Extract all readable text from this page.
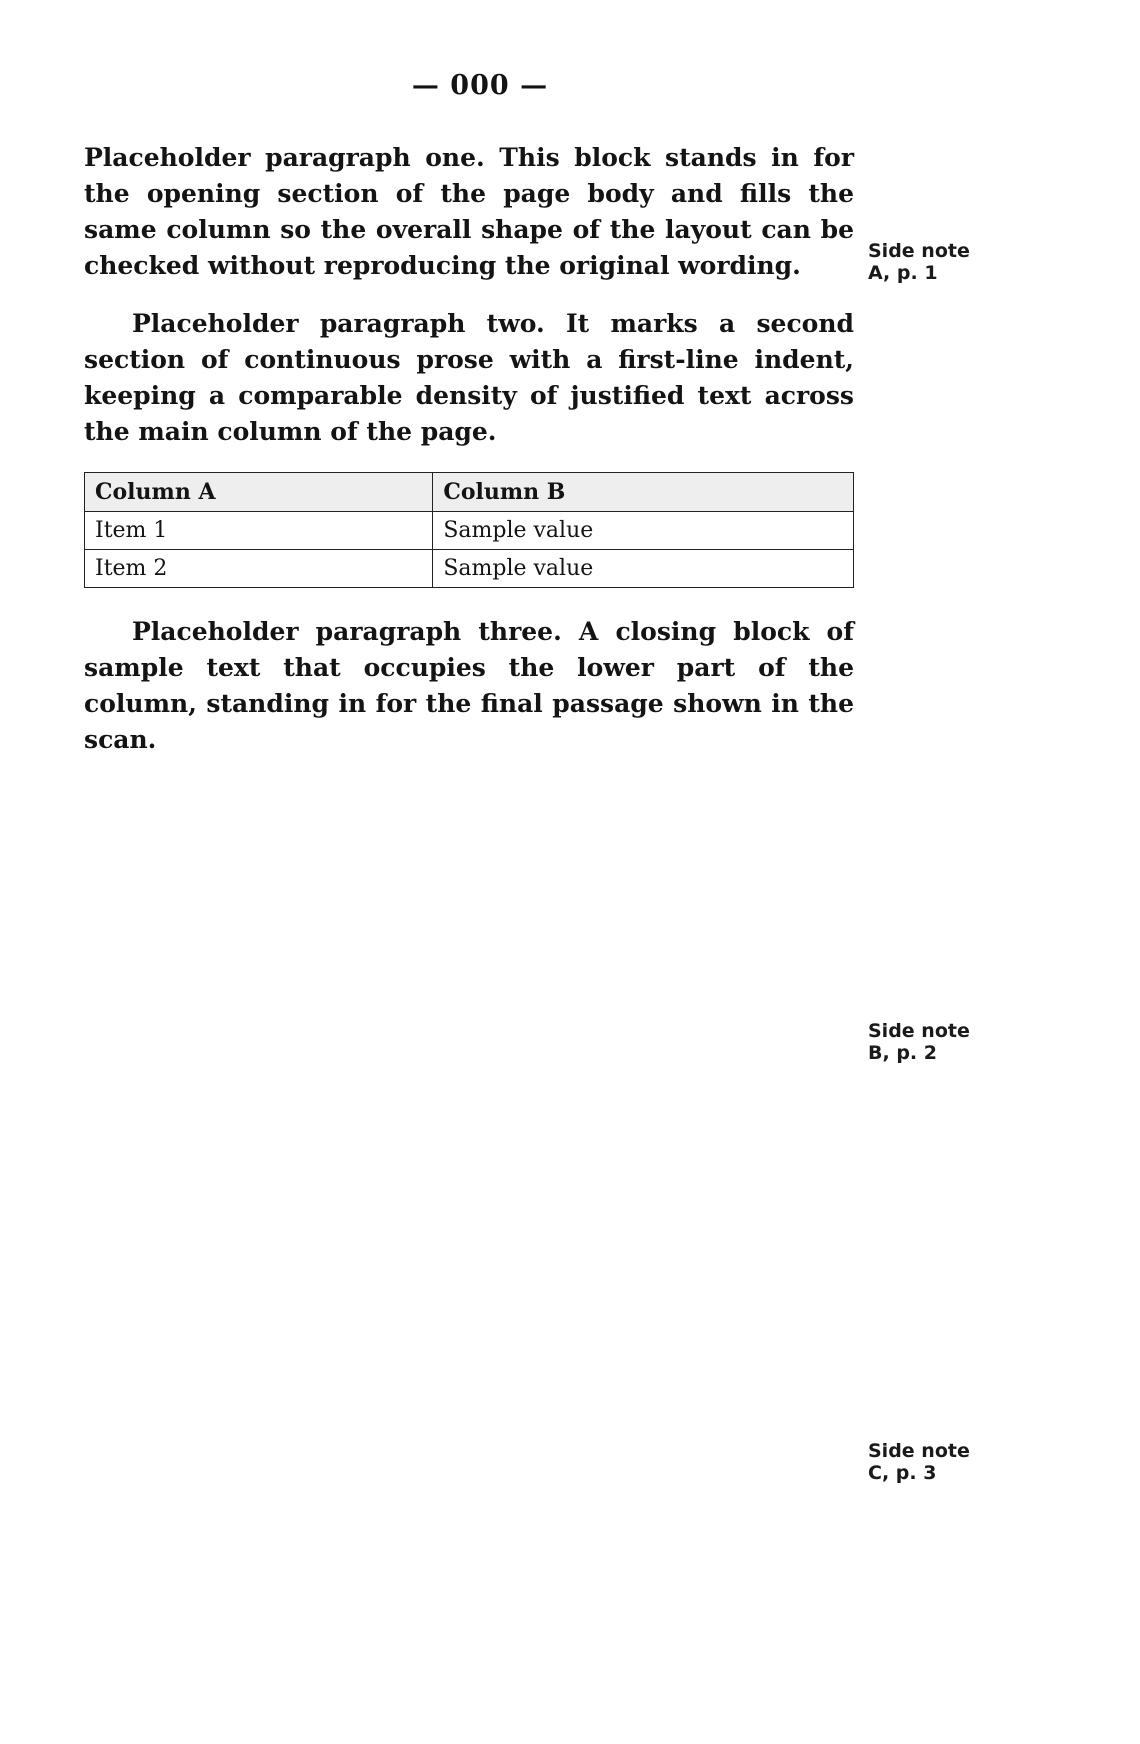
— 000 —

Placeholder paragraph one. This block stands in for the opening section of the page body and fills the same column so the overall shape of the layout can be checked without reproducing the original wording.

Placeholder paragraph two. It marks a second section of continuous prose with a first-line indent, keeping a comparable density of justified text across the main column of the page.

Column A	Column B
Item 1	Sample value
Item 2	Sample value

Placeholder paragraph three. A closing block of sample text that occupies the lower part of the column, standing in for the final passage shown in the scan.

Side note A, p. 1
Side note B, p. 2
Side note C, p. 3
